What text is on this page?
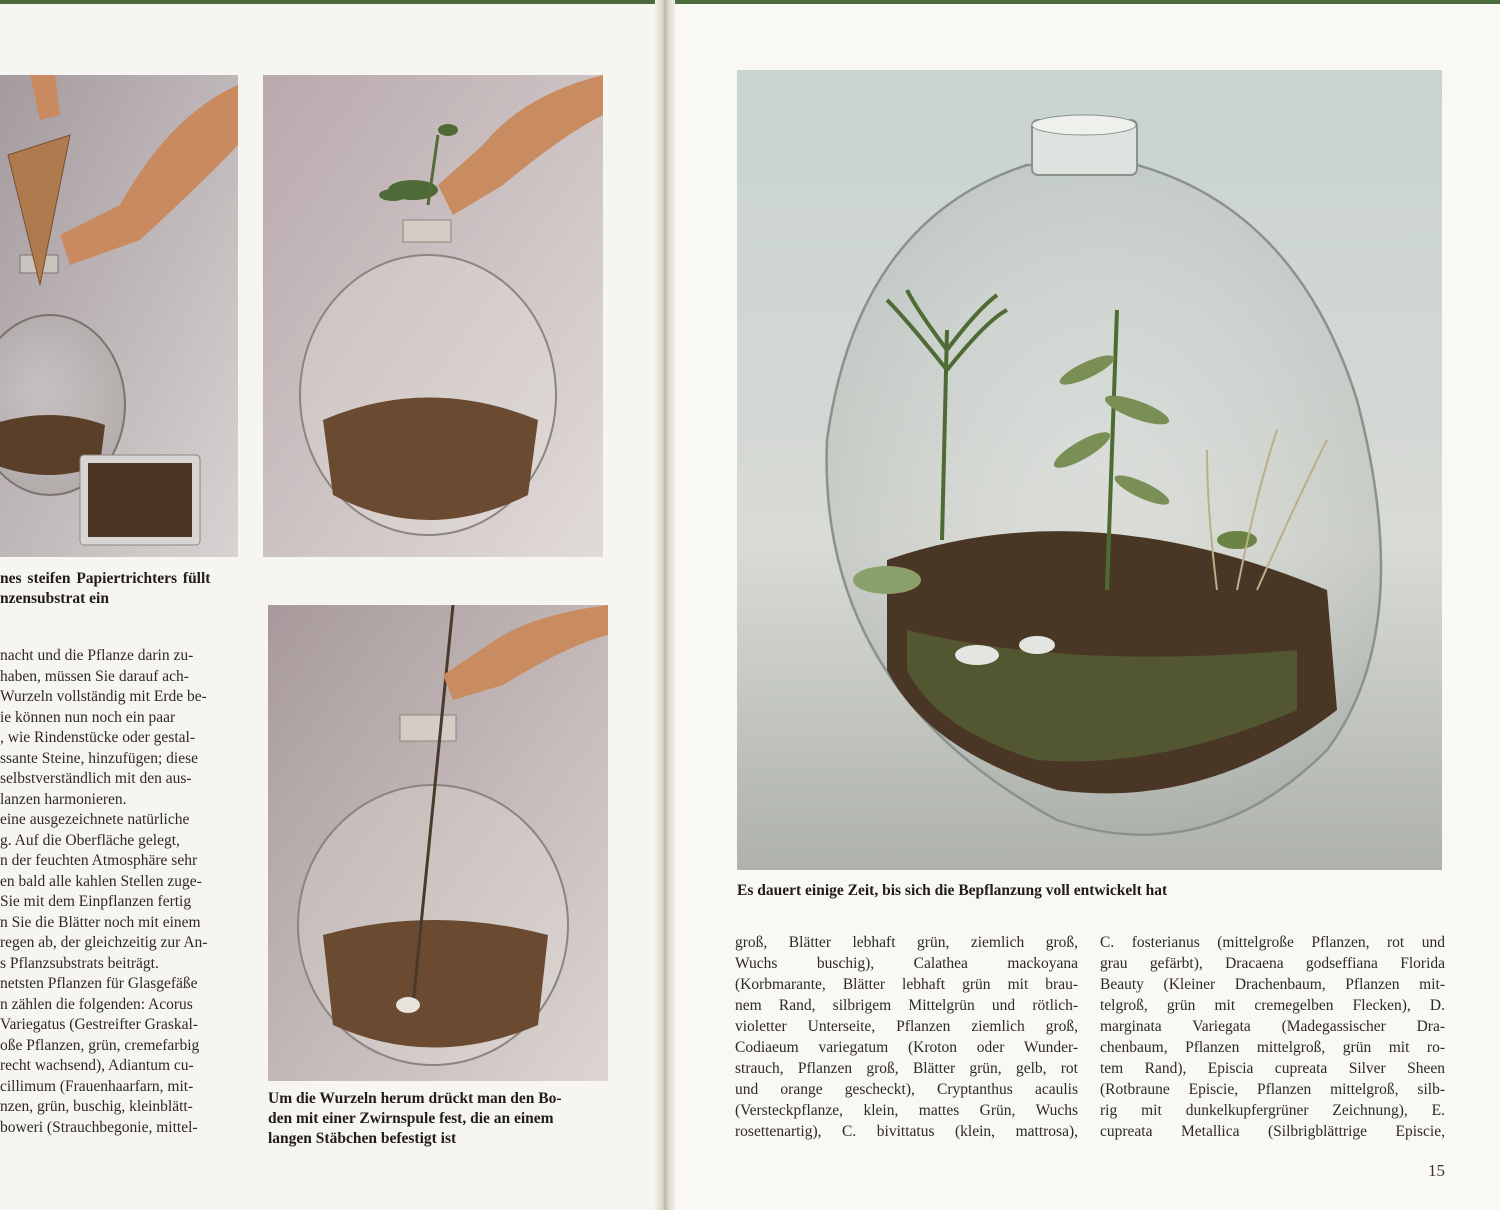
nes steifen Papiertrichters füllt
nzensubstrat ein

nacht und die Pflanze darin zu-

haben, müssen Sie darauf ach-

Wurzeln vollständig mit Erde be-

ie können nun noch ein paar

, wie Rindenstücke oder gestal-

ssante Steine, hinzufügen; diese

selbstverständlich mit den aus-

lanzen harmonieren.

eine ausgezeichnete natürliche

g. Auf die Oberfläche gelegt,

n der feuchten Atmosphäre sehr

en bald alle kahlen Stellen zuge-

Sie mit dem Einpflanzen fertig

n Sie die Blätter noch mit einem

regen ab, der gleichzeitig zur An-

s Pflanzsubstrats beiträgt.

netsten Pflanzen für Glasgefäße

n zählen die folgenden: Acorus

Variegatus (Gestreifter Graskal-

oße Pflanzen, grün, cremefarbig

recht wachsend), Adiantum cu-

cillimum (Frauenhaarfarn, mit-

nzen, grün, buschig, kleinblätt-

boweri (Strauchbegonie, mittel-

Um die Wurzeln herum drückt man den Bo-
den mit einer Zwirnspule fest, die an einem
langen Stäbchen befestigt ist
Es dauert einige Zeit, bis sich die Bepflanzung voll entwickelt hat

groß, Blätter lebhaft grün, ziemlich groß,

Wuchs buschig), Calathea mackoyana

(Korbmarante, Blätter lebhaft grün mit brau-

nem Rand, silbrigem Mittelgrün und rötlich-

violetter Unterseite, Pflanzen ziemlich groß,

Codiaeum variegatum (Kroton oder Wunder-

strauch, Pflanzen groß, Blätter grün, gelb, rot

und orange gescheckt), Cryptanthus acaulis

(Versteckpflanze, klein, mattes Grün, Wuchs

rosettenartig), C. bivittatus (klein, mattrosa),

C. fosterianus (mittelgroße Pflanzen, rot und

grau gefärbt), Dracaena godseffiana Florida

Beauty (Kleiner Drachenbaum, Pflanzen mit-

telgroß, grün mit cremegelben Flecken), D.

marginata Variegata (Madegassischer Dra-

chenbaum, Pflanzen mittelgroß, grün mit ro-

tem Rand), Episcia cupreata Silver Sheen

(Rotbraune Episcie, Pflanzen mittelgroß, silb-

rig mit dunkelkupfergrüner Zeichnung), E.

cupreata Metallica (Silbrigblättrige Episcie,

15
